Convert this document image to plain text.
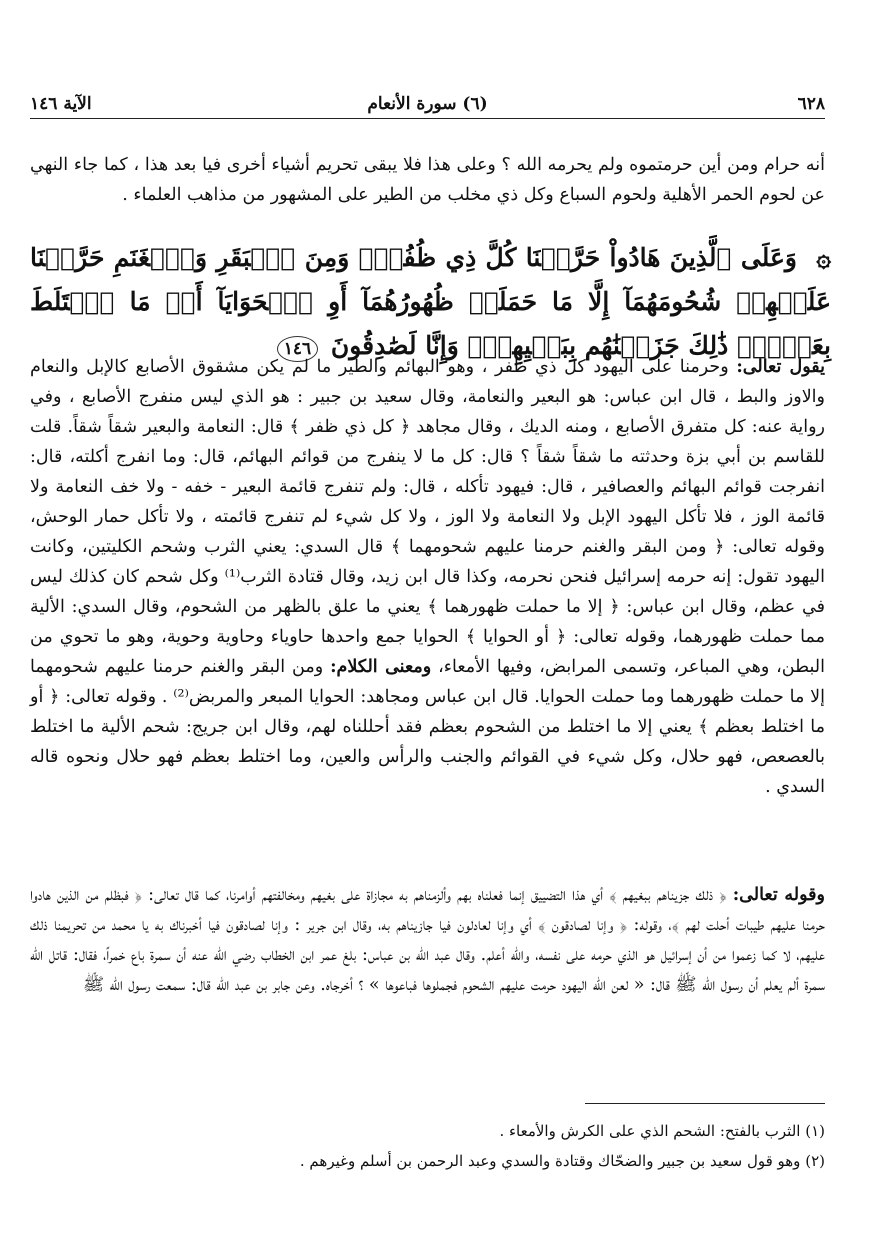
٦٢٨
(٦) سورة الأنعام
الآية ١٤٦

أنه حرام ومن أين حرمتموه ولم يحرمه الله ؟ وعلى هذا فلا يبقى تحريم أشياء أخرى فيا بعد هذا ، كما جاء النهي عن لحوم الحمر الأهلية ولحوم السباع وكل ذي مخلب من الطير على المشهور من مذاهب العلماء .

۞ وَعَلَى ٱلَّذِينَ هَادُواْ حَرَّمۡنَا كُلَّ ذِي ظُفُرٖۖ وَمِنَ ٱلۡبَقَرِ وَٱلۡغَنَمِ حَرَّمۡنَا عَلَيۡهِمۡ شُحُومَهُمَآ إِلَّا مَا حَمَلَتۡ ظُهُورُهُمَآ أَوِ ٱلۡحَوَايَآ أَوۡ مَا ٱخۡتَلَطَ بِعَظۡمٖۚ ذَٰلِكَ جَزَيۡنَٰهُم بِبَغۡيِهِمۡۖ وَإِنَّا لَصَٰدِقُونَ ١٤٦

يقول تعالى: وحرمنا على اليهود كل ذي ظفر ، وهو البهائم والطير ما لم يكن مشقوق الأصابع كالإبل والنعام والاوز والبط ، قال ابن عباس: هو البعير والنعامة، وقال سعيد بن جبير : هو الذي ليس منفرج الأصابع ، وفي رواية عنه: كل متفرق الأصابع ، ومنه الديك ، وقال مجاهد ﴿ كل ذي ظفر ﴾ قال: النعامة والبعير شقاً شقاً. قلت للقاسم بن أبي بزة وحدثته ما شقاً شقاً ؟ قال: كل ما لا ينفرج من قوائم البهائم، قال: وما انفرج أكلته، قال: انفرجت قوائم البهائم والعصافير ، قال: فيهود تأكله ، قال: ولم تنفرج قائمة البعير - خفه - ولا خف النعامة ولا قائمة الوز ، فلا تأكل اليهود الإبل ولا النعامة ولا الوز ، ولا كل شيء لم تنفرج قائمته ، ولا تأكل حمار الوحش، وقوله تعالى: ﴿ ومن البقر والغنم حرمنا عليهم شحومهما ﴾ قال السدي: يعني الثرب وشحم الكليتين، وكانت اليهود تقول: إنه حرمه إسرائيل فنحن نحرمه، وكذا قال ابن زيد، وقال قتادة الثرب⁽¹⁾ وكل شحم كان كذلك ليس في عظم، وقال ابن عباس: ﴿ إلا ما حملت ظهورهما ﴾ يعني ما علق بالظهر من الشحوم، وقال السدي: الألية مما حملت ظهورهما، وقوله تعالى: ﴿ أو الحوايا ﴾ الحوايا جمع واحدها حاوياء وحاوية وحوية، وهو ما تحوي من البطن، وهي المباعر، وتسمى المرابض، وفيها الأمعاء، ومعنى الكلام: ومن البقر والغنم حرمنا عليهم شحومهما إلا ما حملت ظهورهما وما حملت الحوايا. قال ابن عباس ومجاهد: الحوايا المبعر والمربض⁽²⁾ . وقوله تعالى: ﴿ أو ما اختلط بعظم ﴾ يعني إلا ما اختلط من الشحوم بعظم فقد أحللناه لهم، وقال ابن جريج: شحم الألية ما اختلط بالعصعص، فهو حلال، وكل شيء في القوائم والجنب والرأس والعين، وما اختلط بعظم فهو حلال ونحوه قاله السدي .

وقوله تعالى: ﴿ ذلك جزيناهم ببغيهم ﴾ أي هذا التضييق إنما فعلناه بهم وألزمناهم به مجازاة على بغيهم ومخالفتهم أوامرنا، كما قال تعالى: ﴿ فبظلم من الذين هادوا حرمنا عليهم طيبات أحلت لهم ﴾، وقوله: ﴿ وإنا لصادقون ﴾ أي وإنا لعادلون فيا جازيناهم به، وقال ابن جرير : وإنا لصادقون فيا أخبرناك به يا محمد من تحريمنا ذلك عليهم، لا كما زعموا من أن إسرائيل هو الذي حرمه على نفسه، والله أعلم. وقال عبد الله بن عباس: بلغ عمر ابن الخطاب رضي الله عنه أن سمرة باع خمراً، فقال: قاتل الله سمرة ألم يعلم أن رسول الله ﷺ قال: « لعن الله اليهود حرمت عليهم الشحوم فجملوها فباعوها » ؟ أخرجاه. وعن جابر بن عبد الله قال: سمعت رسول الله ﷺ

(١) الثرب بالفتح: الشحم الذي على الكرش والأمعاء .
(٢) وهو قول سعيد بن جبير والضحّاك وقتادة والسدي وعبد الرحمن بن أسلم وغيرهم .
